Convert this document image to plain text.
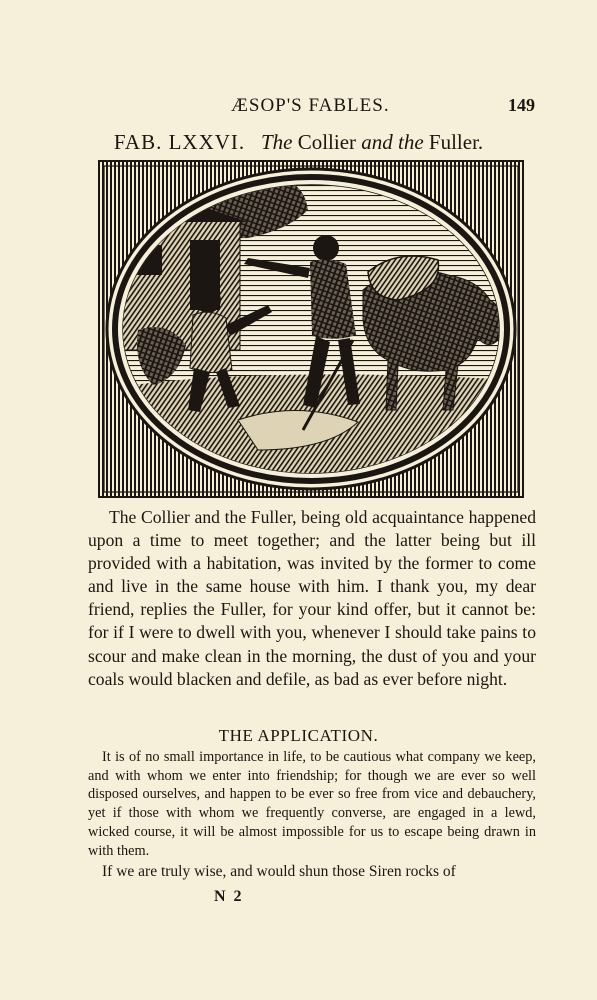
ÆSOP'S FABLES.	149
FAB. LXXVI. The Collier and the Fuller.

The Collier and the Fuller, being old acquaintance happened upon a time to meet together; and the latter being but ill provided with a habitation, was invited by the former to come and live in the same house with him. I thank you, my dear friend, replies the Fuller, for your kind offer, but it cannot be: for if I were to dwell with you, whenever I should take pains to scour and make clean in the morning, the dust of you and your coals would blacken and defile, as bad as ever before night.

THE APPLICATION.

It is of no small importance in life, to be cautious what company we keep, and with whom we enter into friendship; for though we are ever so well disposed ourselves, and happen to be ever so free from vice and debauchery, yet if those with whom we frequently converse, are engaged in a lewd, wicked course, it will be almost impossible for us to escape being drawn in with them.

If we are truly wise, and would shun those Siren rocks of

N 2
